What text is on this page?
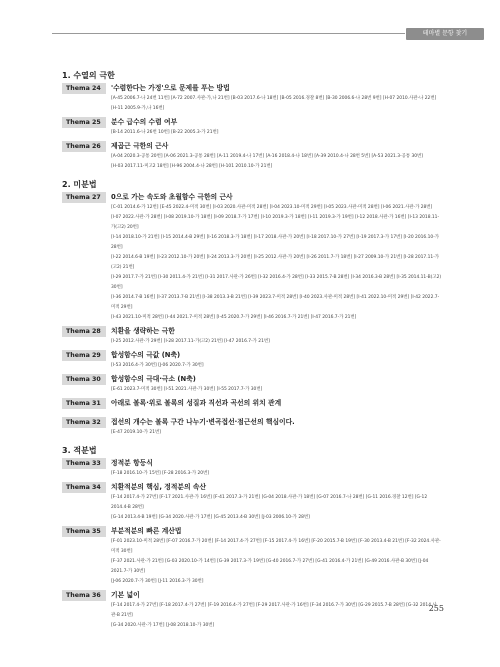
테마별 문항 찾기
1. 수열의 극한
Thema 24	'수렴한다는 가정'으로 문제를 푸는 방법
[A-45 2006.7-나 24번 11번] [A-72 2007.사관-가,나 21번] [B-03 2017.6-나 18번] [B-05 2016.경찰 8번] [B-30 2006.6-나 28번 9번] [H-07 2010.사관-나 22번]
[H-11 2005.9-가,나 16번]
Thema 25	분수 급수의 수렴 여부
[B-14 2011.6-나 26번 10번] [B-22 2005.3-가 21번]
Thema 26	제곱근 극한의 근사
[A-04 2020.3-공통 20번] [A-06 2021.3-공통 28번] [A-11 2019.4-나 17번] [A-16 2018.4-나 18번] [A-39 2010.4-나 28번 5번] [A-53 2021.3-공통 30번]
[H-03 2017.11-미고2 18번] [H-96 2004.4-나 28번] [H-101 2010.10-가 21번]
2. 미분법
Thema 27	0으로 가는 속도와 초월함수 극한의 근사
[C-01 2014.6-가 12번] [E-45 2022.4-미적 30번] [I-03 2020.사관-미적 28번] [I-04 2023.10-미적 29번] [I-05 2023.사관-미적 28번] [I-06 2021.사관-가 28번]
[I-07 2022.사관-가 28번] [I-08 2019.10-가 18번] [I-09 2018.7-가 17번] [I-10 2019.3-가 18번] [I-11 2019.3-가 19번] [I-12 2018.사관-가 16번] [I-13 2018.11-가(고2) 20번]
[I-14 2018.10-가 21번] [I-15 2014.4-B 29번] [I-16 2018.3-가 18번] [I-17 2018.사관-가 20번] [I-18 2017.10-가 27번] [I-19 2017.3-가 17번] [I-20 2016.10-가 28번]
[I-22 2014.6-B 19번] [I-23 2012.10-가 20번] [I-24 2013.3-가 20번] [I-25 2012.사관-가 20번] [I-26 2011.7-가 18번] [I-27 2009.10-가 21번] [I-28 2017.11-가(고2) 21번]
[I-29 2017.7-가 21번] [I-30 2011.4-가 21번] [I-31 2017.사관-가 26번] [I-32 2016.4-가 28번] [I-33 2015.7-B 28번] [I-34 2016.3-B 28번] [I-35 2014.11-B(고2) 30번]
[I-36 2014.7-B 16번] [I-37 2013.7-B 21번] [I-38 2013.3-B 21번] [I-39 2023.7-미적 28번] [I-40 2023.사관-미적 28번] [I-41 2022.10-미적 29번] [I-42 2022.7-미적 29번]
[I-43 2021.10-미적 28번] [I-44 2021.7-미적 28번] [I-45 2020.7-가 29번] [I-46 2016.7-가 21번] [I-47 2016.7-가 21번]
Thema 28	치환을 생략하는 극한
[I-25 2012.사관-가 29번] [I-28 2017.11-가(고2) 21번] [I-47 2016.7-가 21번]
Thema 29	합성함수의 극값 (N축)
[I-53 2016.4-가 30번] [J-06 2020.7-가 30번]
Thema 30	합성함수의 극대·극소 (N축)
[E-61 2023.7-미적 30번] [I-51 2021.사관-가 30번] [I-55 2017.7-가 30번]
Thema 31	아래로 볼록·위로 볼록의 성질과 직선과 곡선의 위치 관계
Thema 32	접선의 개수는 볼록 구간 나누기·변곡접선·점근선의 핵심이다.
[E-47 2019.10-가 21번]
3. 적분법
Thema 33	정적분 항등식
[F-18 2016.10-가 15번] [F-28 2016.3-가 20번]
Thema 34	치환적분의 핵심, 정적분의 속산
[F-14 2017.4-가 27번] [F-17 2021.사관-가 16번] [F-41 2017.3-가 21번] [G-04 2018.사관-가 18번] [G-07 2016.7-나 28번] [G-11 2016.경찰 12번] [G-12 2014.4-B 28번]
[G-14 2013.4-B 19번] [G-34 2020.사관-가 17번] [G-45 2013.4-B 30번] [J-03 2006.10-가 28번]
Thema 35	부분적분의 빠른 계산법
[F-01 2023.10-미적 28번] [F-07 2016.7-가 20번] [F-14 2017.4-가 27번] [F-15 2017.4-가 16번] [F-20 2015.7-B 19번] [F-30 2013.4-B 21번] [F-32 2024.사관-미적 30번]
[F-37 2021.사관-가 21번] [G-03 2020.10-가 14번] [G-39 2017.3-가 19번] [G-40 2016.7-가 27번] [G-41 2016.4-가 21번] [G-49 2016.사관-B 30번] [J-04 2021.7-가 30번]
[J-06 2020.7-가 30번] [J-11 2016.3-가 30번]
Thema 36	기본 넓이
[F-14 2017.4-가 27번] [F-18 2017.4-가 27번] [F-19 2016.4-가 27번] [F-29 2017.사관-가 16번] [F-34 2016.7-가 30번] [G-29 2015.7-B 28번] [G-32 2014.사관-B 21번]
[G-34 2020.사관-가 17번] [J-08 2018.10-가 30번]
255
